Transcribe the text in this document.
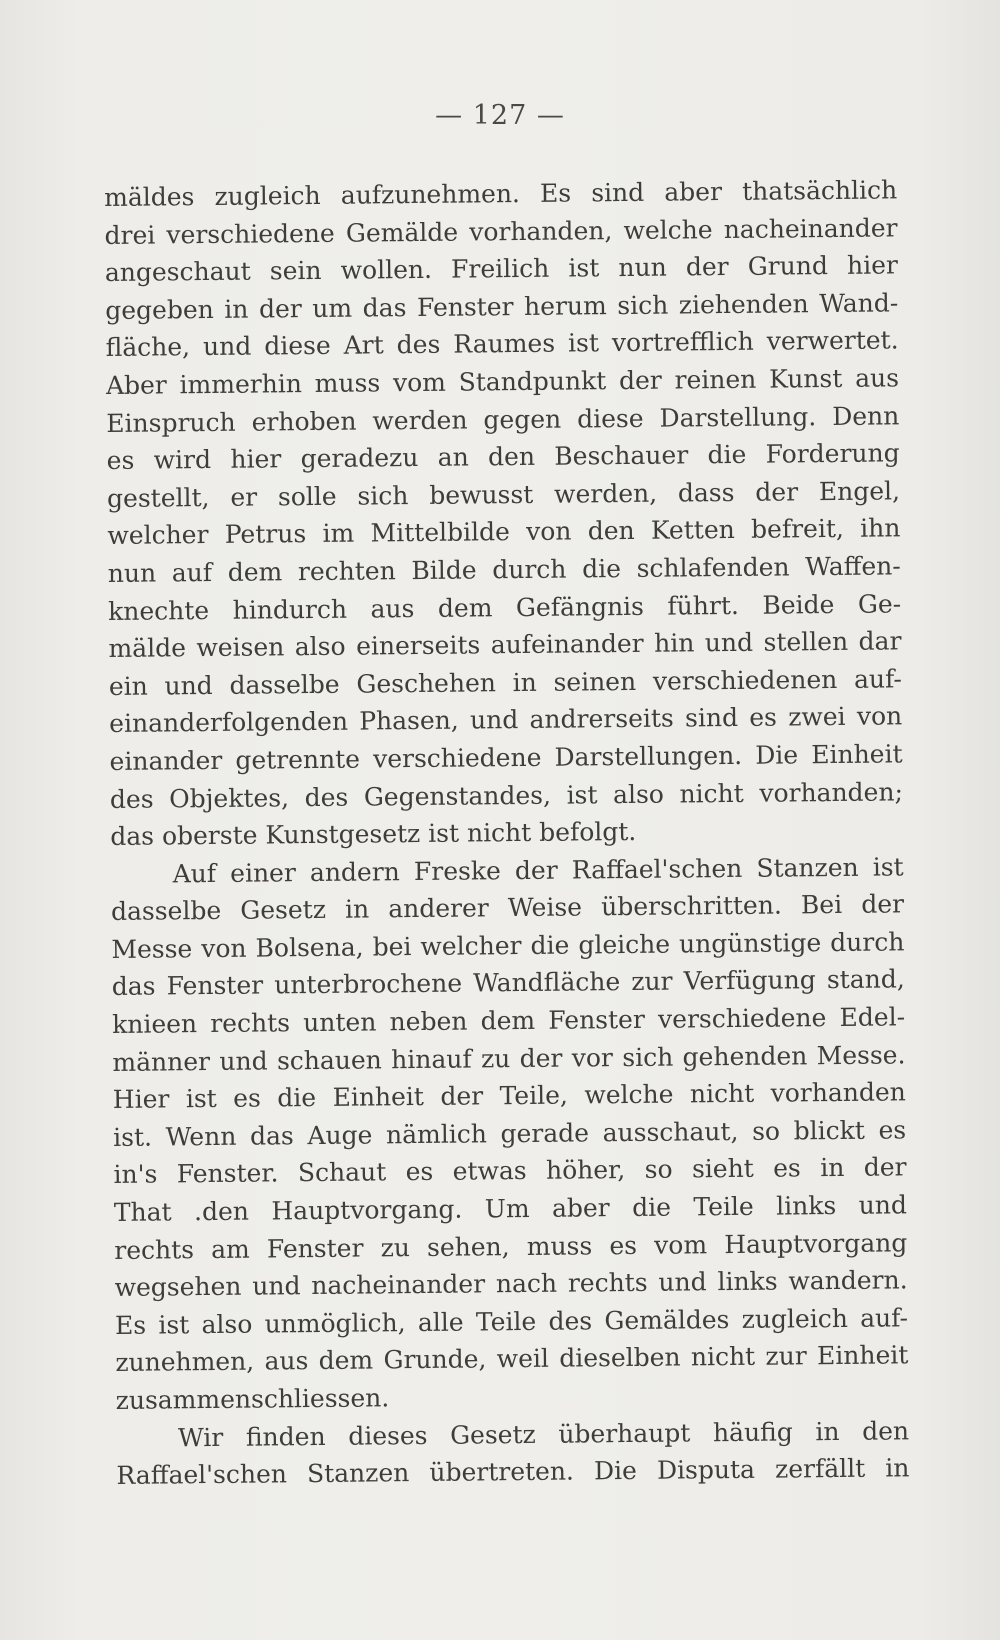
— 127 —
mäldes zugleich aufzunehmen. Es sind aber thatsächlich
drei verschiedene Gemälde vorhanden, welche nacheinander
angeschaut sein wollen. Freilich ist nun der Grund hier
gegeben in der um das Fenster herum sich ziehenden Wand-
fläche, und diese Art des Raumes ist vortrefflich verwertet.
Aber immerhin muss vom Standpunkt der reinen Kunst aus
Einspruch erhoben werden gegen diese Darstellung. Denn
es wird hier geradezu an den Beschauer die Forderung
gestellt, er solle sich bewusst werden, dass der Engel,
welcher Petrus im Mittelbilde von den Ketten befreit, ihn
nun auf dem rechten Bilde durch die schlafenden Waffen-
knechte hindurch aus dem Gefängnis führt. Beide Ge-
mälde weisen also einerseits aufeinander hin und stellen dar
ein und dasselbe Geschehen in seinen verschiedenen auf-
einanderfolgenden Phasen, und andrerseits sind es zwei von
einander getrennte verschiedene Darstellungen. Die Einheit
des Objektes, des Gegenstandes, ist also nicht vorhanden;
das oberste Kunstgesetz ist nicht befolgt.
Auf einer andern Freske der Raffael'schen Stanzen ist
dasselbe Gesetz in anderer Weise überschritten. Bei der
Messe von Bolsena, bei welcher die gleiche ungünstige durch
das Fenster unterbrochene Wandfläche zur Verfügung stand,
knieen rechts unten neben dem Fenster verschiedene Edel-
männer und schauen hinauf zu der vor sich gehenden Messe.
Hier ist es die Einheit der Teile, welche nicht vorhanden
ist. Wenn das Auge nämlich gerade ausschaut, so blickt es
in's Fenster. Schaut es etwas höher, so sieht es in der
That .den Hauptvorgang. Um aber die Teile links und
rechts am Fenster zu sehen, muss es vom Hauptvorgang
wegsehen und nacheinander nach rechts und links wandern.
Es ist also unmöglich, alle Teile des Gemäldes zugleich auf-
zunehmen, aus dem Grunde, weil dieselben nicht zur Einheit
zusammenschliessen.
Wir finden dieses Gesetz überhaupt häufig in den
Raffael'schen Stanzen übertreten. Die Disputa zerfällt in
